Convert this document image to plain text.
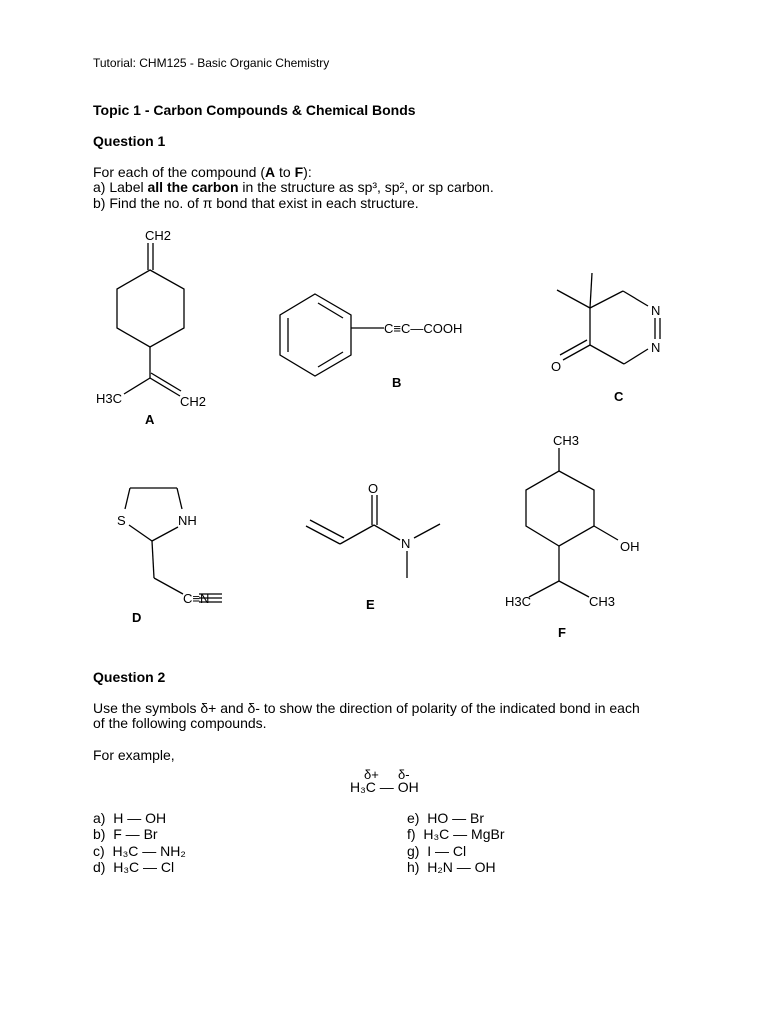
Tutorial: CHM125 - Basic Organic Chemistry
Topic 1 - Carbon Compounds & Chemical Bonds
Question 1
For each of the compound (A to F):
a) Label all the carbon in the structure as sp³, sp², or sp carbon.
b) Find the no. of π bond that exist in each structure.
CH2
H3C	CH2
A
C≡C—COOH
B
N
N
O
C
S	NH
C≡N
D
O
N
E
CH3
OH
H3C	CH3
F
Question 2
Use the symbols δ+ and δ- to show the direction of polarity of the indicated bond in each
of the following compounds.
For example,
δ+ δ-
H₃C — OH
a) H — OH
b) F — Br
c) H₃C — NH₂
d) H₃C — Cl
e) HO — Br
f) H₃C — MgBr
g) I — Cl
h) H₂N — OH
